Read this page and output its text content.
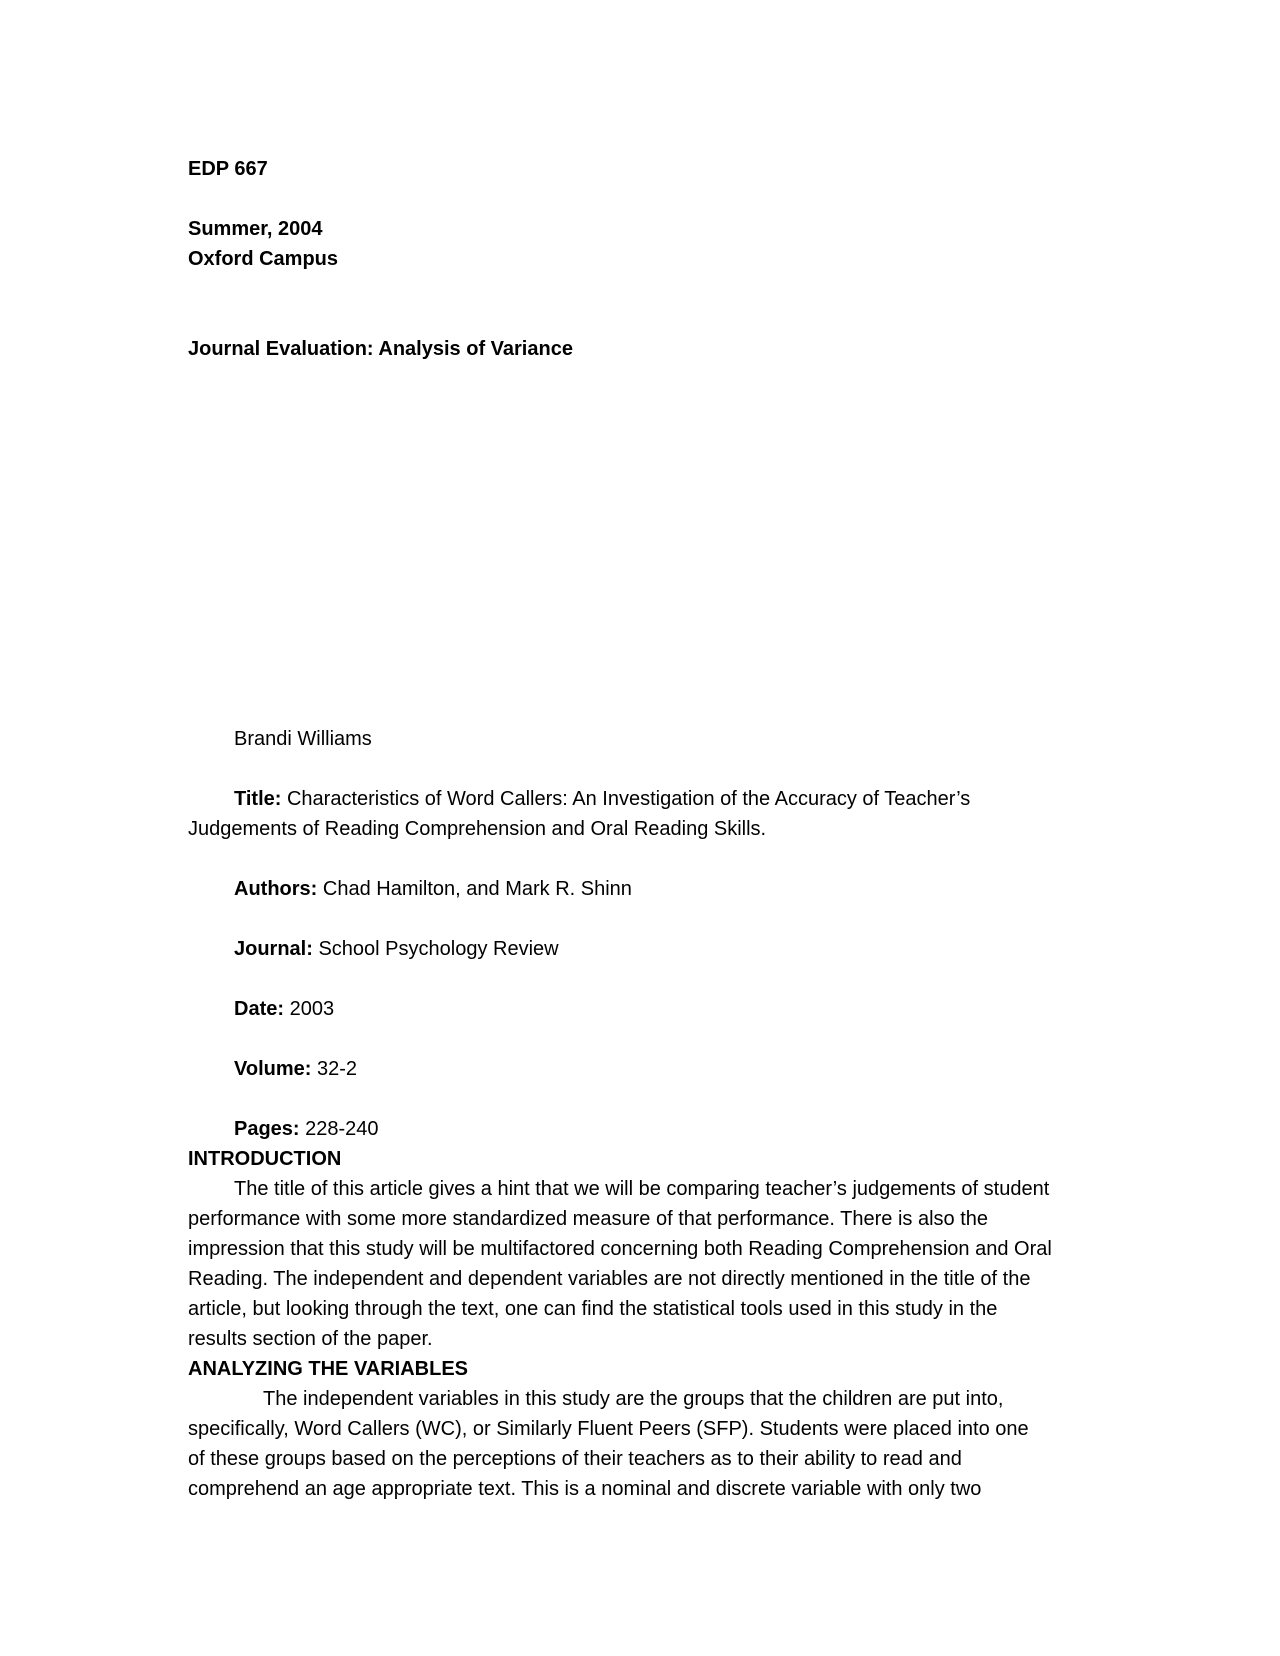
EDP 667
Summer, 2004
Oxford Campus
Journal Evaluation: Analysis of Variance
Brandi Williams
Title: Characteristics of Word Callers: An Investigation of the Accuracy of Teacher’s
Judgements of Reading Comprehension and Oral Reading Skills.
Authors: Chad Hamilton, and Mark R. Shinn
Journal: School Psychology Review
Date: 2003
Volume: 32-2
Pages: 228-240
INTRODUCTION
The title of this article gives a hint that we will be comparing teacher’s judgements of student
performance with some more standardized measure of that performance. There is also the
impression that this study will be multifactored concerning both Reading Comprehension and Oral
Reading. The independent and dependent variables are not directly mentioned in the title of the
article, but looking through the text, one can find the statistical tools used in this study in the
results section of the paper.
ANALYZING THE VARIABLES
The independent variables in this study are the groups that the children are put into,
specifically, Word Callers (WC), or Similarly Fluent Peers (SFP). Students were placed into one
of these groups based on the perceptions of their teachers as to their ability to read and
comprehend an age appropriate text. This is a nominal and discrete variable with only two
